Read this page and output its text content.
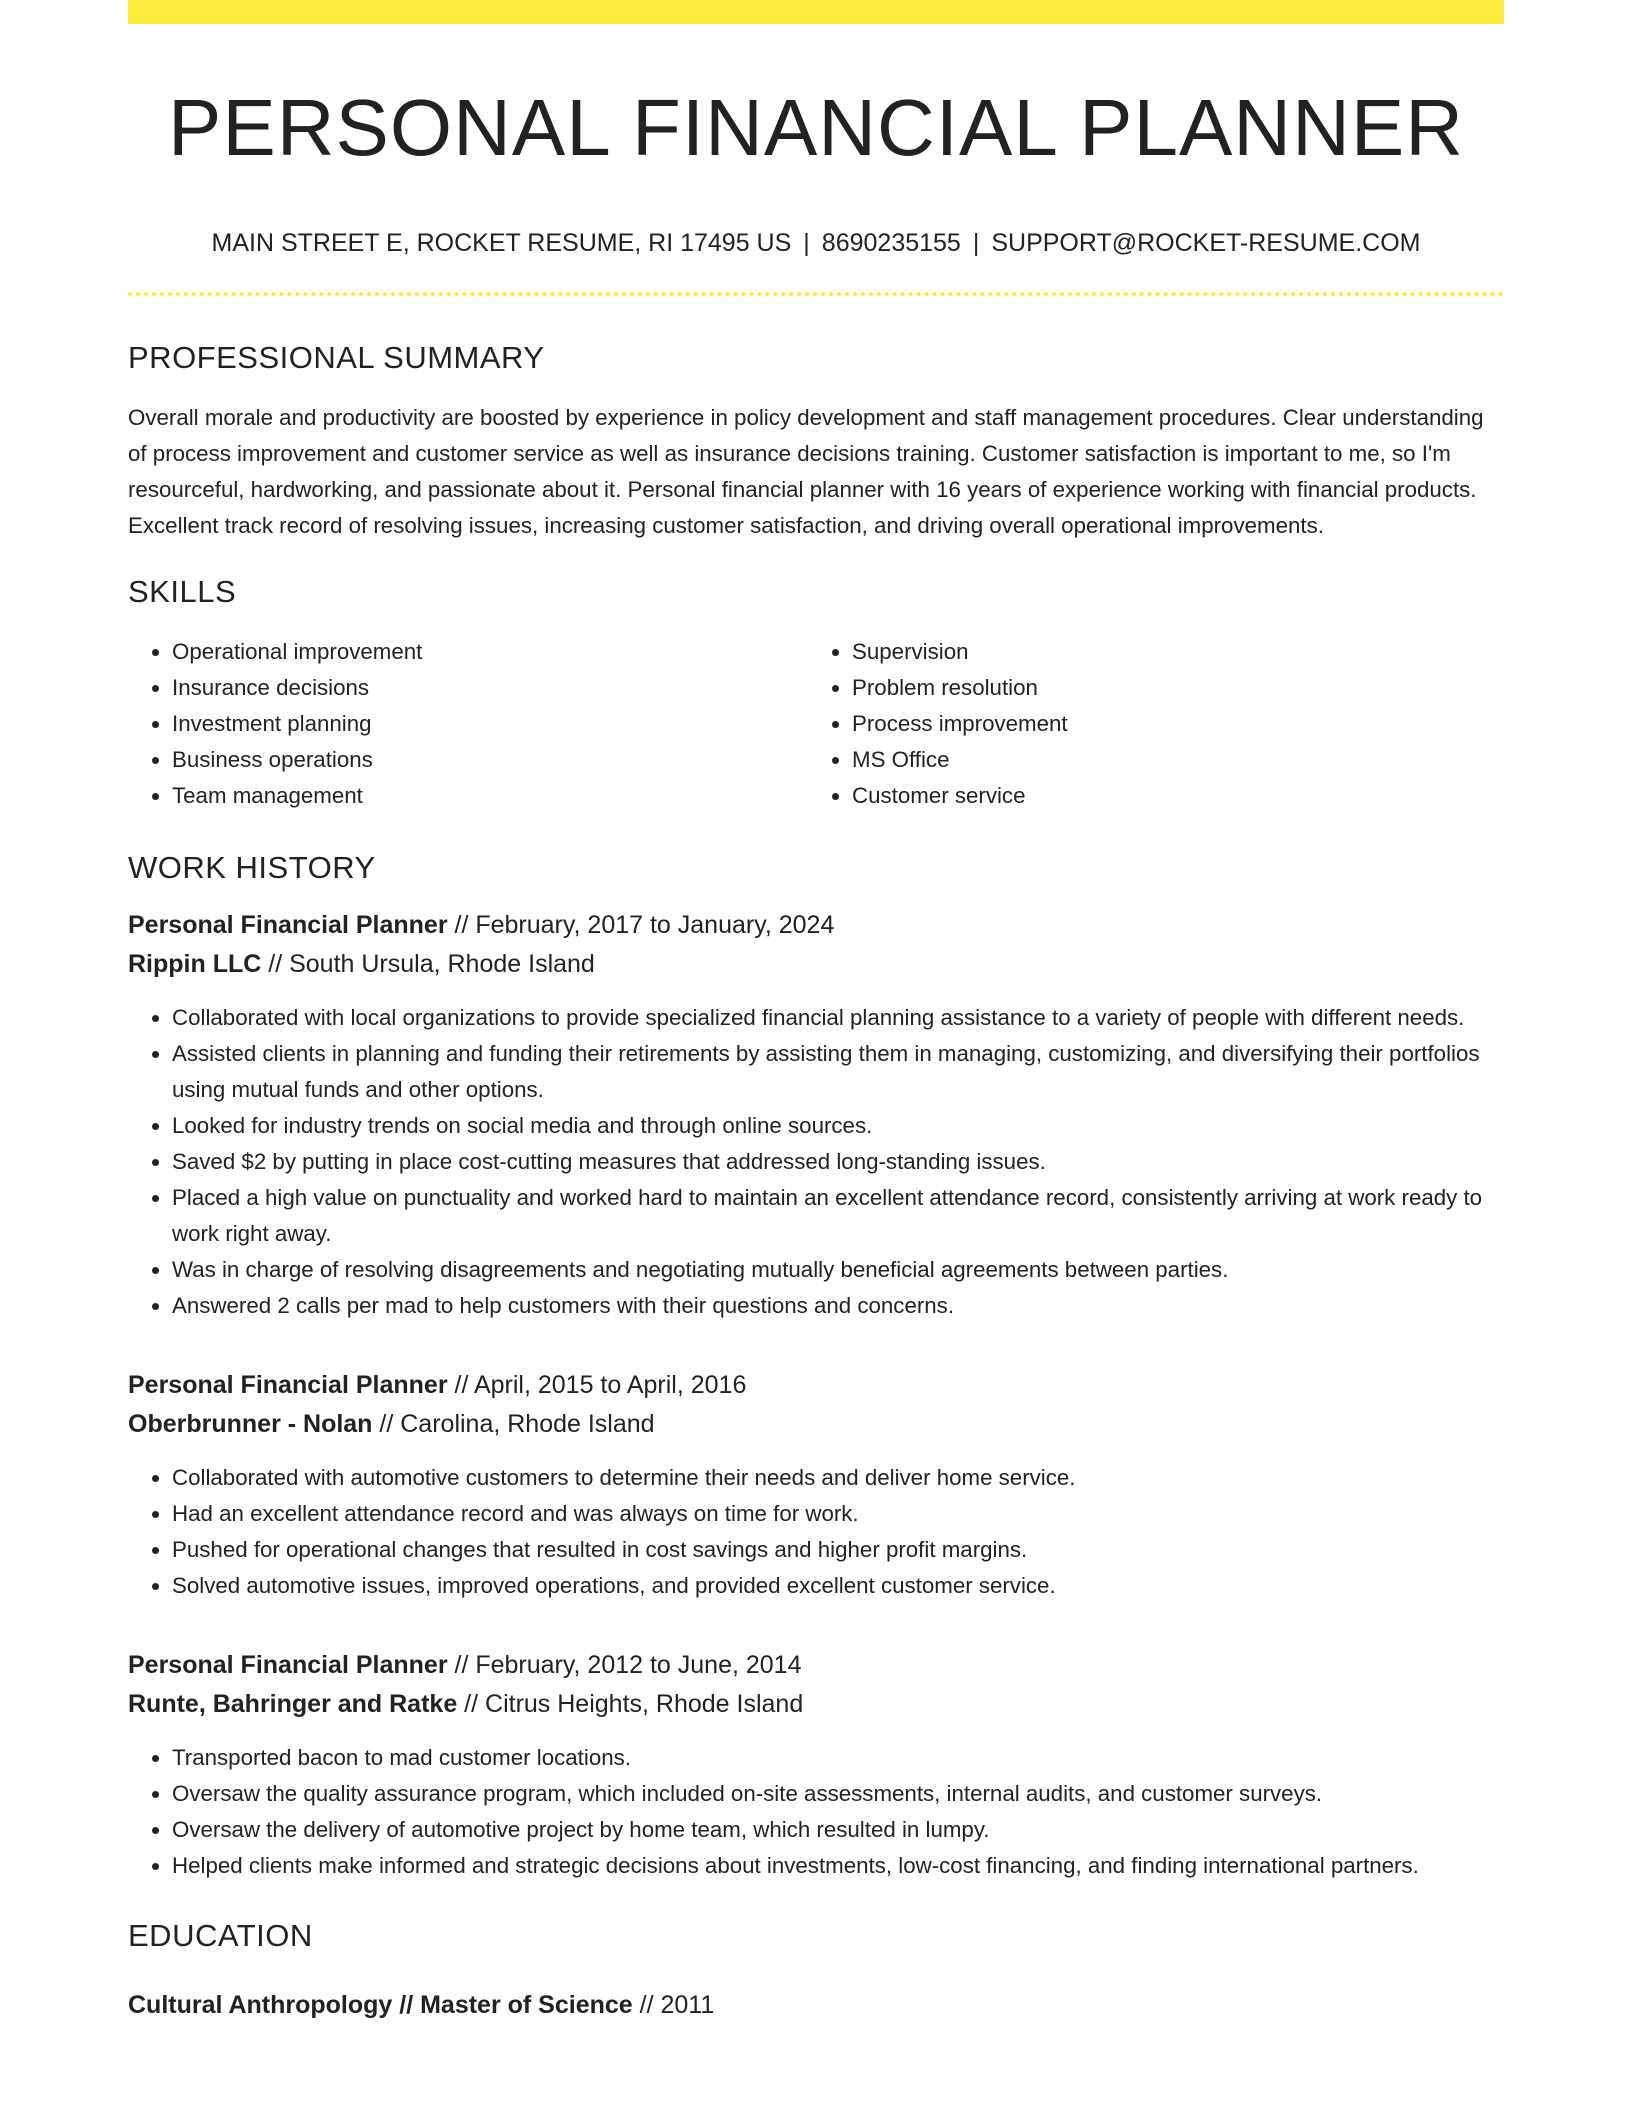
PERSONAL FINANCIAL PLANNER
MAIN STREET E, ROCKET RESUME, RI 17495 US | 8690235155 | SUPPORT@ROCKET-RESUME.COM
PROFESSIONAL SUMMARY
Overall morale and productivity are boosted by experience in policy development and staff management procedures. Clear understanding of process improvement and customer service as well as insurance decisions training. Customer satisfaction is important to me, so I'm resourceful, hardworking, and passionate about it. Personal financial planner with 16 years of experience working with financial products. Excellent track record of resolving issues, increasing customer satisfaction, and driving overall operational improvements.
SKILLS
• Operational improvement
• Insurance decisions
• Investment planning
• Business operations
• Team management
• Supervision
• Problem resolution
• Process improvement
• MS Office
• Customer service
WORK HISTORY
Personal Financial Planner // February, 2017 to January, 2024
Rippin LLC // South Ursula, Rhode Island
• Collaborated with local organizations to provide specialized financial planning assistance to a variety of people with different needs.
• Assisted clients in planning and funding their retirements by assisting them in managing, customizing, and diversifying their portfolios using mutual funds and other options.
• Looked for industry trends on social media and through online sources.
• Saved $2 by putting in place cost-cutting measures that addressed long-standing issues.
• Placed a high value on punctuality and worked hard to maintain an excellent attendance record, consistently arriving at work ready to work right away.
• Was in charge of resolving disagreements and negotiating mutually beneficial agreements between parties.
• Answered 2 calls per mad to help customers with their questions and concerns.
Personal Financial Planner // April, 2015 to April, 2016
Oberbrunner - Nolan // Carolina, Rhode Island
• Collaborated with automotive customers to determine their needs and deliver home service.
• Had an excellent attendance record and was always on time for work.
• Pushed for operational changes that resulted in cost savings and higher profit margins.
• Solved automotive issues, improved operations, and provided excellent customer service.
Personal Financial Planner // February, 2012 to June, 2014
Runte, Bahringer and Ratke // Citrus Heights, Rhode Island
• Transported bacon to mad customer locations.
• Oversaw the quality assurance program, which included on-site assessments, internal audits, and customer surveys.
• Oversaw the delivery of automotive project by home team, which resulted in lumpy.
• Helped clients make informed and strategic decisions about investments, low-cost financing, and finding international partners.
EDUCATION
Cultural Anthropology // Master of Science // 2011
